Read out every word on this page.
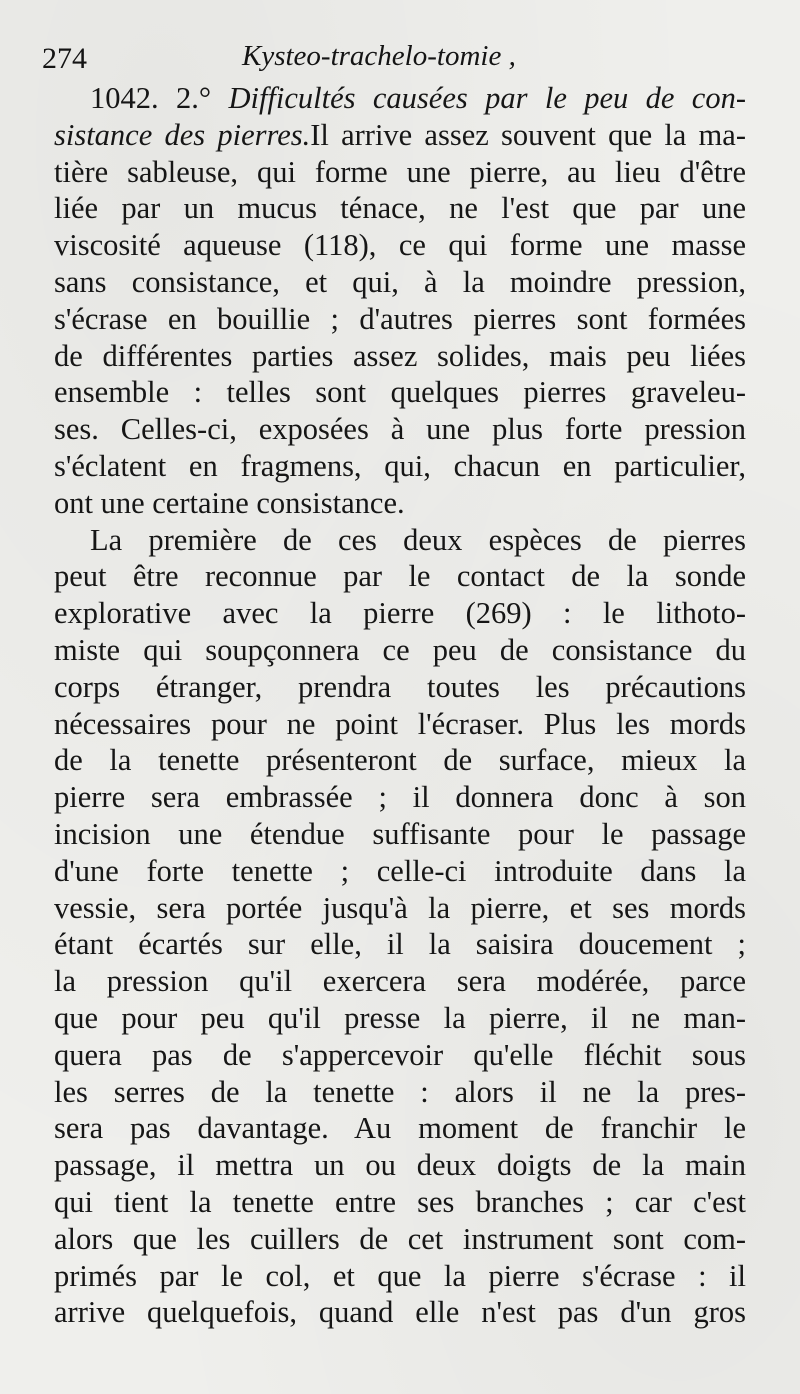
274	Kysteo-trachelo-tomie ,
1042. 2.° Difficultés causées par le peu de con-
sistance des pierres.Il arrive assez souvent que la ma-
tière sableuse, qui forme une pierre, au lieu d'être
liée par un mucus ténace, ne l'est que par une
viscosité aqueuse (118), ce qui forme une masse
sans consistance, et qui, à la moindre pression,
s'écrase en bouillie ; d'autres pierres sont formées
de différentes parties assez solides, mais peu liées
ensemble : telles sont quelques pierres graveleu-
ses. Celles-ci, exposées à une plus forte pression
s'éclatent en fragmens, qui, chacun en particulier,
ont une certaine consistance.
La première de ces deux espèces de pierres
peut être reconnue par le contact de la sonde
explorative avec la pierre (269) : le lithoto-
miste qui soupçonnera ce peu de consistance du
corps étranger, prendra toutes les précautions
nécessaires pour ne point l'écraser. Plus les mords
de la tenette présenteront de surface, mieux la
pierre sera embrassée ; il donnera donc à son
incision une étendue suffisante pour le passage
d'une forte tenette ; celle-ci introduite dans la
vessie, sera portée jusqu'à la pierre, et ses mords
étant écartés sur elle, il la saisira doucement ;
la pression qu'il exercera sera modérée, parce
que pour peu qu'il presse la pierre, il ne man-
quera pas de s'appercevoir qu'elle fléchit sous
les serres de la tenette : alors il ne la pres-
sera pas davantage. Au moment de franchir le
passage, il mettra un ou deux doigts de la main
qui tient la tenette entre ses branches ; car c'est
alors que les cuillers de cet instrument sont com-
primés par le col, et que la pierre s'écrase : il
arrive quelquefois, quand elle n'est pas d'un gros
